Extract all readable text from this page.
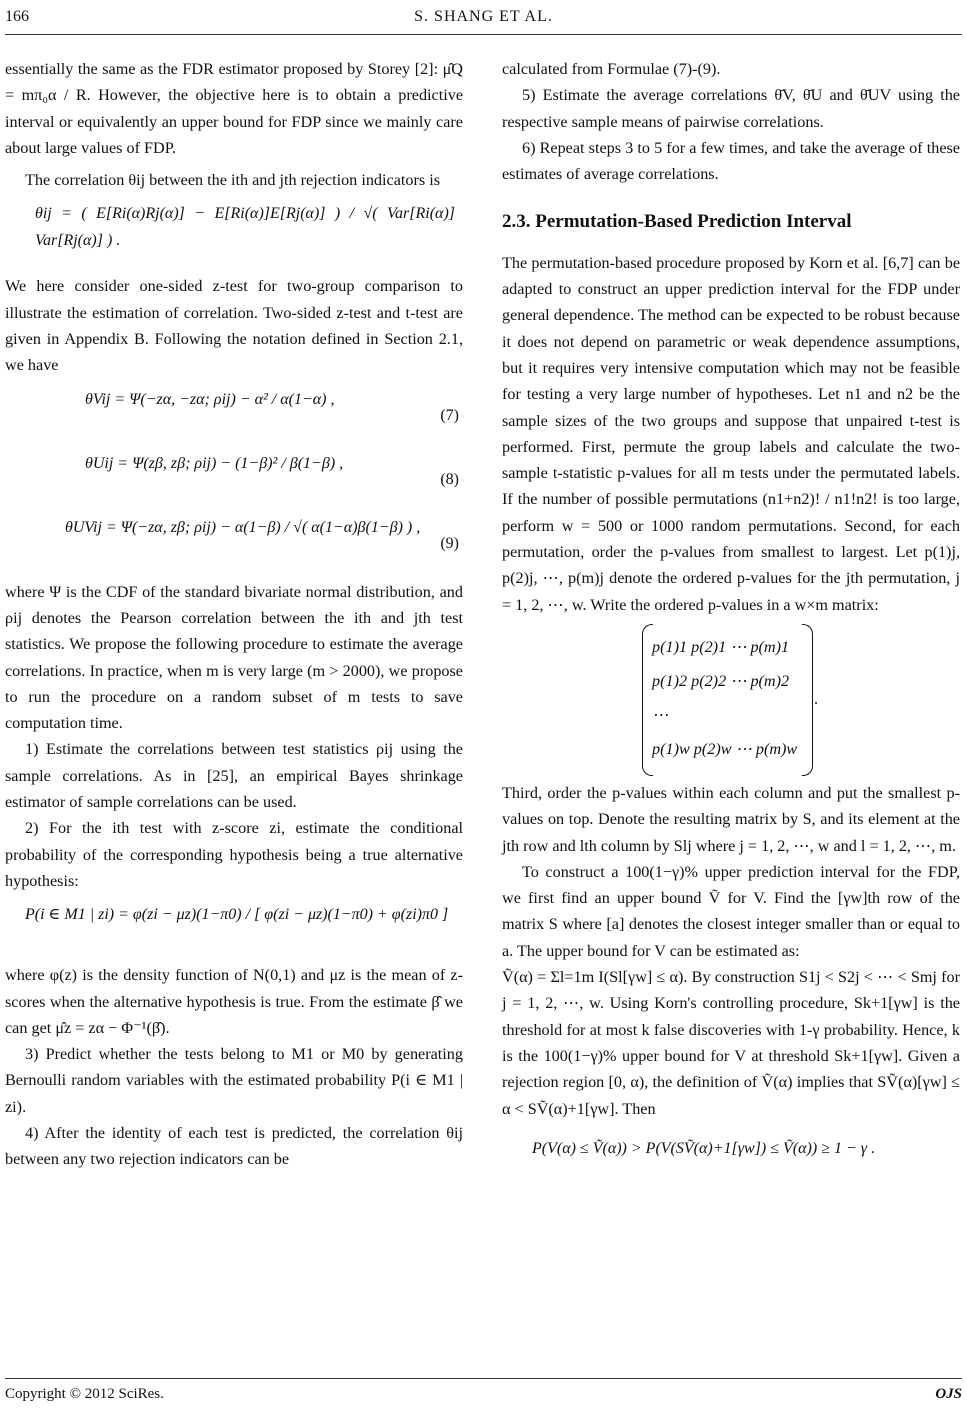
166	S. SHANG ET AL.

essentially the same as the FDR estimator proposed by Storey [2]: μ̂Q = mπ₀α / R. However, the objective here is to obtain a predictive interval or equivalently an upper bound for FDP since we mainly care about large values of FDP.

The correlation θij between the ith and jth rejection indicators is

θij = ( E[Ri(α)Rj(α)] − E[Ri(α)]E[Rj(α)] ) / √( Var[Ri(α)] Var[Rj(α)] ) .

We here consider one-sided z-test for two-group comparison to illustrate the estimation of correlation. Two-sided z-test and t-test are given in Appendix B. Following the notation defined in Section 2.1, we have

θVij = Ψ(−zα, −zα; ρij) − α² / α(1−α) ,
(7)
θUij = Ψ(zβ, zβ; ρij) − (1−β)² / β(1−β) ,
(8)
θUVij = Ψ(−zα, zβ; ρij) − α(1−β) / √( α(1−α)β(1−β) ) ,
(9)

where Ψ is the CDF of the standard bivariate normal distribution, and ρij denotes the Pearson correlation between the ith and jth test statistics. We propose the following procedure to estimate the average correlations. In practice, when m is very large (m > 2000), we propose to run the procedure on a random subset of m tests to save computation time.

1) Estimate the correlations between test statistics ρij using the sample correlations. As in [25], an empirical Bayes shrinkage estimator of sample correlations can be used.

2) For the ith test with z-score zi, estimate the conditional probability of the corresponding hypothesis being a true alternative hypothesis:

P(i ∈ M1 | zi) = φ(zi − μz)(1−π0) / [ φ(zi − μz)(1−π0) + φ(zi)π0 ]

where φ(z) is the density function of N(0,1) and μz is the mean of z-scores when the alternative hypothesis is true. From the estimate β̂ we can get μ̂z = zα − Φ⁻¹(β̂).

3) Predict whether the tests belong to M1 or M0 by generating Bernoulli random variables with the estimated probability P(i ∈ M1 | zi).

4) After the identity of each test is predicted, the correlation θij between any two rejection indicators can be

calculated from Formulae (7)-(9).

5) Estimate the average correlations θ̄V, θ̄U and θ̄UV using the respective sample means of pairwise correlations.

6) Repeat steps 3 to 5 for a few times, and take the average of these estimates of average correlations.

2.3. Permutation-Based Prediction Interval

The permutation-based procedure proposed by Korn et al. [6,7] can be adapted to construct an upper prediction interval for the FDP under general dependence. The method can be expected to be robust because it does not depend on parametric or weak dependence assumptions, but it requires very intensive computation which may not be feasible for testing a very large number of hypotheses. Let n1 and n2 be the sample sizes of the two groups and suppose that unpaired t-test is performed. First, permute the group labels and calculate the two-sample t-statistic p-values for all m tests under the permutated labels. If the number of possible permutations (n1+n2)! / n1!n2! is too large, perform w = 500 or 1000 random permutations. Second, for each permutation, order the p-values from smallest to largest. Let p(1)j, p(2)j, ⋯, p(m)j denote the ordered p-values for the jth permutation, j = 1, 2, ⋯, w. Write the ordered p-values in a w×m matrix:

p(1)1 p(2)1 ⋯ p(m)1
p(1)2 p(2)2 ⋯ p(m)2
⋯
p(1)w p(2)w ⋯ p(m)w
.

Third, order the p-values within each column and put the smallest p-values on top. Denote the resulting matrix by S, and its element at the jth row and lth column by Slj where j = 1, 2, ⋯, w and l = 1, 2, ⋯, m.

To construct a 100(1−γ)% upper prediction interval for the FDP, we first find an upper bound Ṽ for V. Find the [γw]th row of the matrix S where [a] denotes the closest integer smaller than or equal to a. The upper bound for V can be estimated as:

Ṽ(α) = Σl=1m I(Sl[γw] ≤ α). By construction S1j < S2j < ⋯ < Smj for j = 1, 2, ⋯, w. Using Korn's controlling procedure, Sk+1[γw] is the threshold for at most k false discoveries with 1-γ probability. Hence, k is the 100(1−γ)% upper bound for V at threshold Sk+1[γw]. Given a rejection region [0, α), the definition of Ṽ(α) implies that SṼ(α)[γw] ≤ α < SṼ(α)+1[γw]. Then

P(V(α) ≤ Ṽ(α)) > P(V(SṼ(α)+1[γw]) ≤ Ṽ(α)) ≥ 1 − γ .
Copyright © 2012 SciRes.	OJS
